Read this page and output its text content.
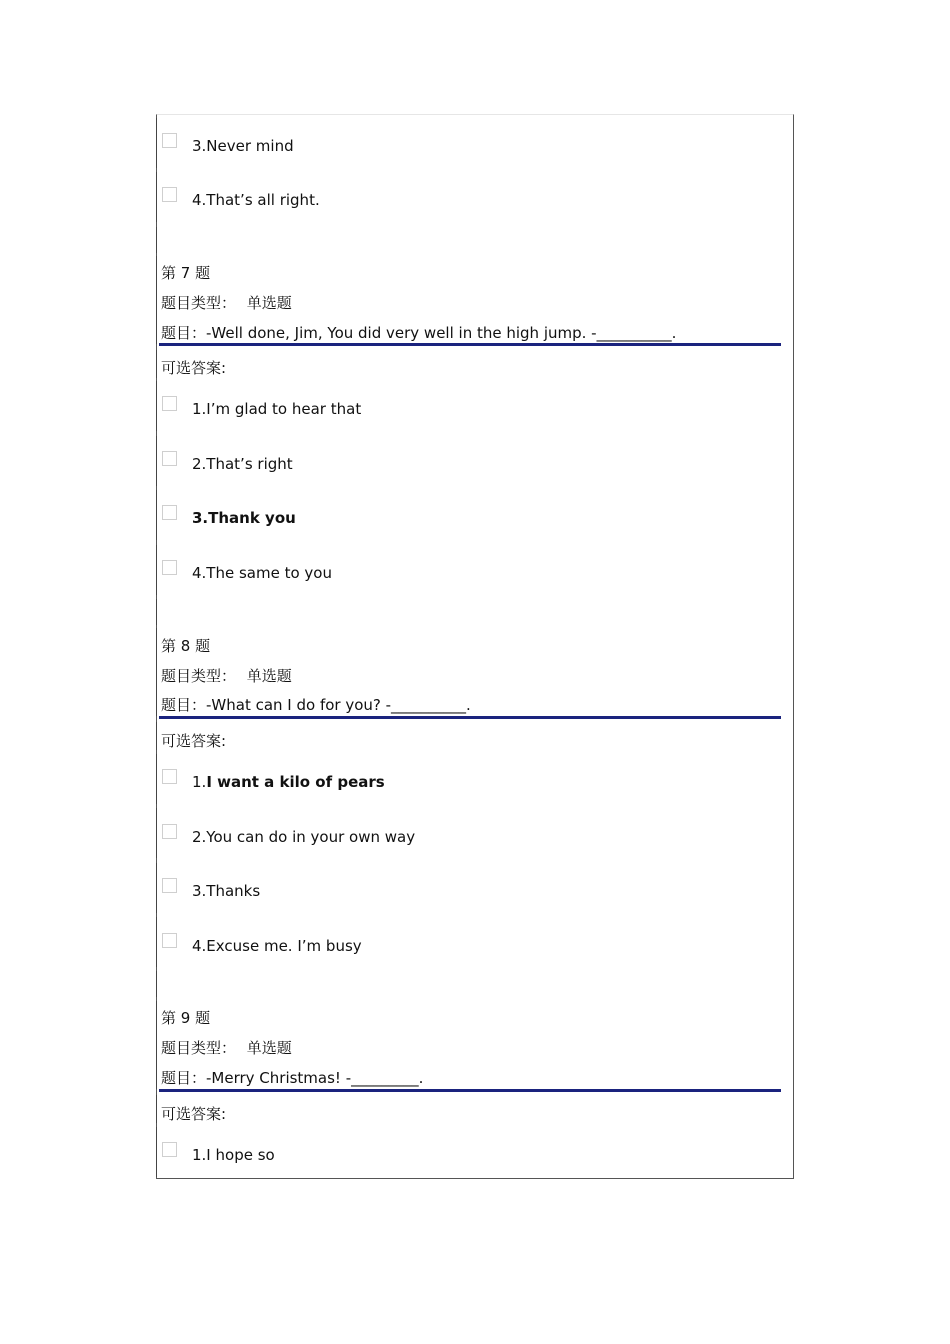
3.Never mind
4.That’s all right.
第 7 题
题目类型： 单选题
题目：-Well done, Jim, You did very well in the high jump. -__________.
可选答案:
1.I’m glad to hear that
2.That’s right
3.Thank you
4.The same to you
第 8 题
题目类型： 单选题
题目：-What can I do for you? -__________.
可选答案:
1.I want a kilo of pears
2.You can do in your own way
3.Thanks
4.Excuse me. I’m busy
第 9 题
题目类型： 单选题
题目：-Merry Christmas! -_________.
可选答案:
1.I hope so
